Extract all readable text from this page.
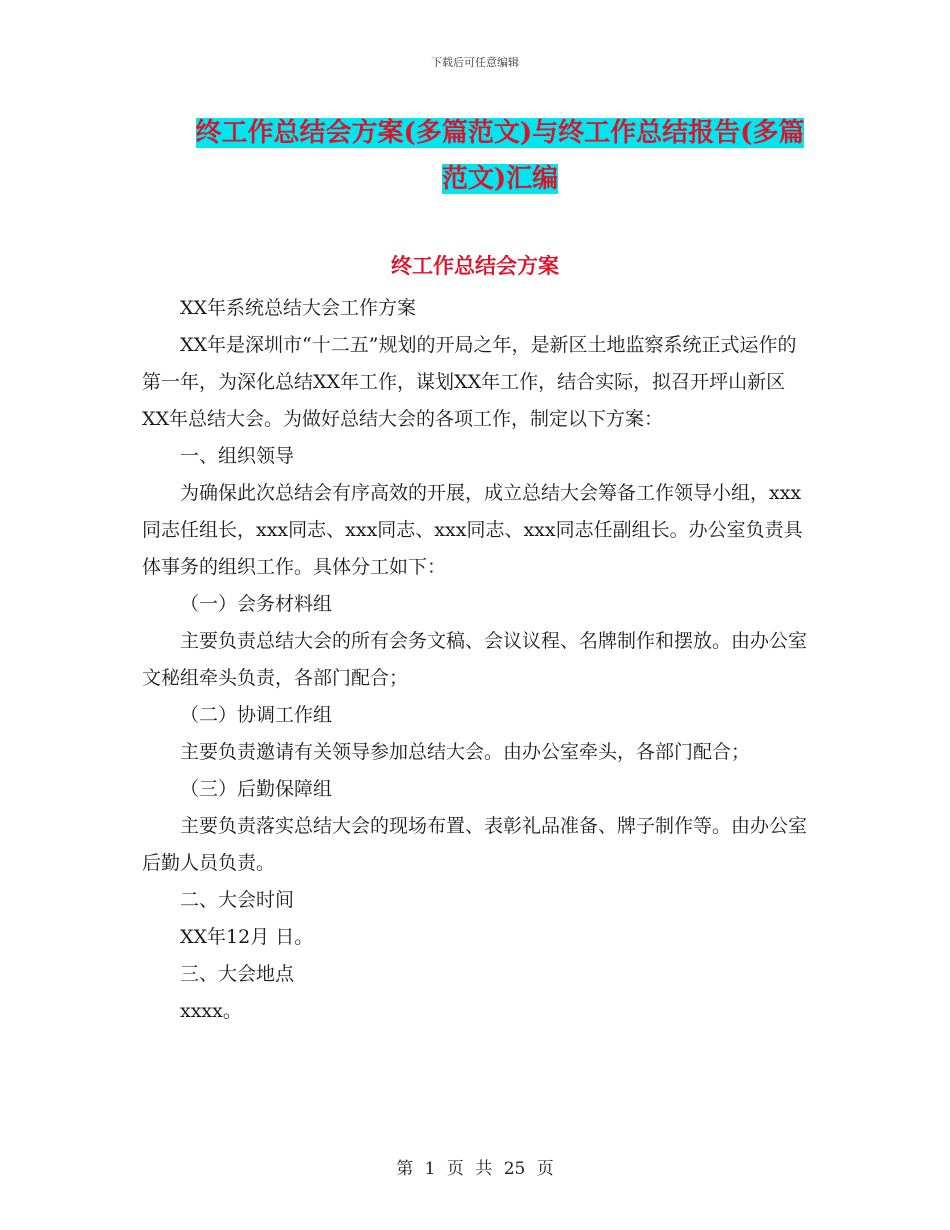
下载后可任意编辑
终工作总结会方案(多篇范文)与终工作总结报告(多篇
范文)汇编
终工作总结会方案

XX年系统总结大会工作方案

XX年是深圳市“十二五”规划的开局之年，是新区土地监察系统正式运作的第一年，为深化总结XX年工作，谋划XX年工作，结合实际，拟召开坪山新区XX年总结大会。为做好总结大会的各项工作，制定以下方案：

一、组织领导

为确保此次总结会有序高效的开展，成立总结大会筹备工作领导小组，xxx同志任组长，xxx同志、xxx同志、xxx同志、xxx同志任副组长。办公室负责具体事务的组织工作。具体分工如下：

（一）会务材料组

主要负责总结大会的所有会务文稿、会议议程、名牌制作和摆放。由办公室文秘组牵头负责，各部门配合；

（二）协调工作组

主要负责邀请有关领导参加总结大会。由办公室牵头，各部门配合；

（三）后勤保障组

主要负责落实总结大会的现场布置、表彰礼品准备、牌子制作等。由办公室后勤人员负责。

二、大会时间

XX年12月 日。

三、大会地点

xxxx。

第 1 页 共 25 页
